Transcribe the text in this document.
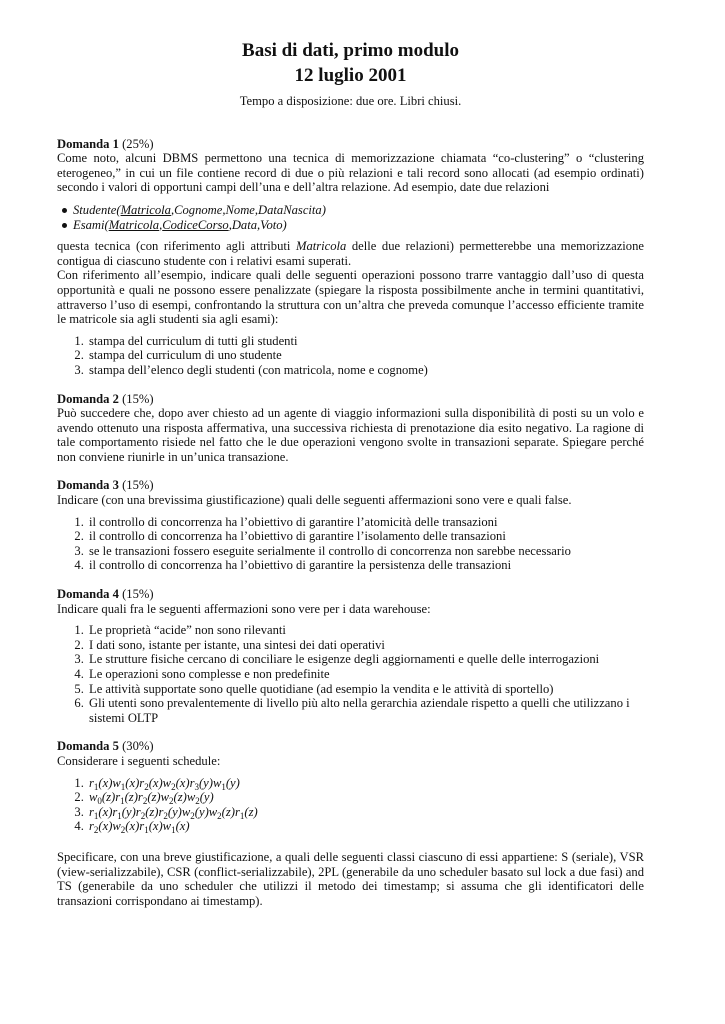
Basi di dati, primo modulo
12 luglio 2001
Tempo a disposizione: due ore. Libri chiusi.
Domanda 1 (25%)

Come noto, alcuni DBMS permettono una tecnica di memorizzazione chiamata “co-clustering” o “clustering eterogeneo,” in cui un file contiene record di due o più relazioni e tali record sono allocati (ad esempio ordinati) secondo i valori di opportuni campi dell’una e dell’altra relazione. Ad esempio, date due relazioni

Studente(Matricola,Cognome,Nome,DataNascita)
Esami(Matricola,CodiceCorso,Data,Voto)

questa tecnica (con riferimento agli attributi Matricola delle due relazioni) permetterebbe una memorizzazione contigua di ciascuno studente con i relativi esami superati.

Con riferimento all’esempio, indicare quali delle seguenti operazioni possono trarre vantaggio dall’uso di questa opportunità e quali ne possono essere penalizzate (spiegare la risposta possibilmente anche in termini quantitativi, attraverso l’uso di esempi, confrontando la struttura con un’altra che preveda comunque l’accesso efficiente tramite le matricole sia agli studenti sia agli esami):

1. stampa del curriculum di tutti gli studenti
2. stampa del curriculum di uno studente
3. stampa dell’elenco degli studenti (con matricola, nome e cognome)
Domanda 2 (15%)

Può succedere che, dopo aver chiesto ad un agente di viaggio informazioni sulla disponibilità di posti su un volo e avendo ottenuto una risposta affermativa, una successiva richiesta di prenotazione dia esito negativo. La ragione di tale comportamento risiede nel fatto che le due operazioni vengono svolte in transazioni separate. Spiegare perché non conviene riunirle in un’unica transazione.

Domanda 3 (15%)

Indicare (con una brevissima giustificazione) quali delle seguenti affermazioni sono vere e quali false.

1. il controllo di concorrenza ha l’obiettivo di garantire l’atomicità delle transazioni
2. il controllo di concorrenza ha l’obiettivo di garantire l’isolamento delle transazioni
3. se le transazioni fossero eseguite serialmente il controllo di concorrenza non sarebbe necessario
4. il controllo di concorrenza ha l’obiettivo di garantire la persistenza delle transazioni
Domanda 4 (15%)

Indicare quali fra le seguenti affermazioni sono vere per i data warehouse:

1. Le proprietà “acide” non sono rilevanti
2. I dati sono, istante per istante, una sintesi dei dati operativi
3. Le strutture fisiche cercano di conciliare le esigenze degli aggiornamenti e quelle delle interrogazioni
4. Le operazioni sono complesse e non predefinite
5. Le attività supportate sono quelle quotidiane (ad esempio la vendita e le attività di sportello)
6. Gli utenti sono prevalentemente di livello più alto nella gerarchia aziendale rispetto a quelli che utilizzano i sistemi OLTP
Domanda 5 (30%)

Considerare i seguenti schedule:

1. $r_1(x)w_1(x)r_2(x)w_2(x)r_3(y)w_1(y)$
2. $w_0(z)r_1(z)r_2(z)w_2(z)w_2(y)$
3. $r_1(x)r_1(y)r_2(z)r_2(y)w_2(y)w_2(z)r_1(z)$
4. $r_2(x)w_2(x)r_1(x)w_1(x)$

Specificare, con una breve giustificazione, a quali delle seguenti classi ciascuno di essi appartiene: S (seriale), VSR (view-serializzabile), CSR (conflict-serializzabile), 2PL (generabile da uno scheduler basato sul lock a due fasi) and TS (generabile da uno scheduler che utilizzi il metodo dei timestamp; si assuma che gli identificatori delle transazioni corrispondano ai timestamp).
